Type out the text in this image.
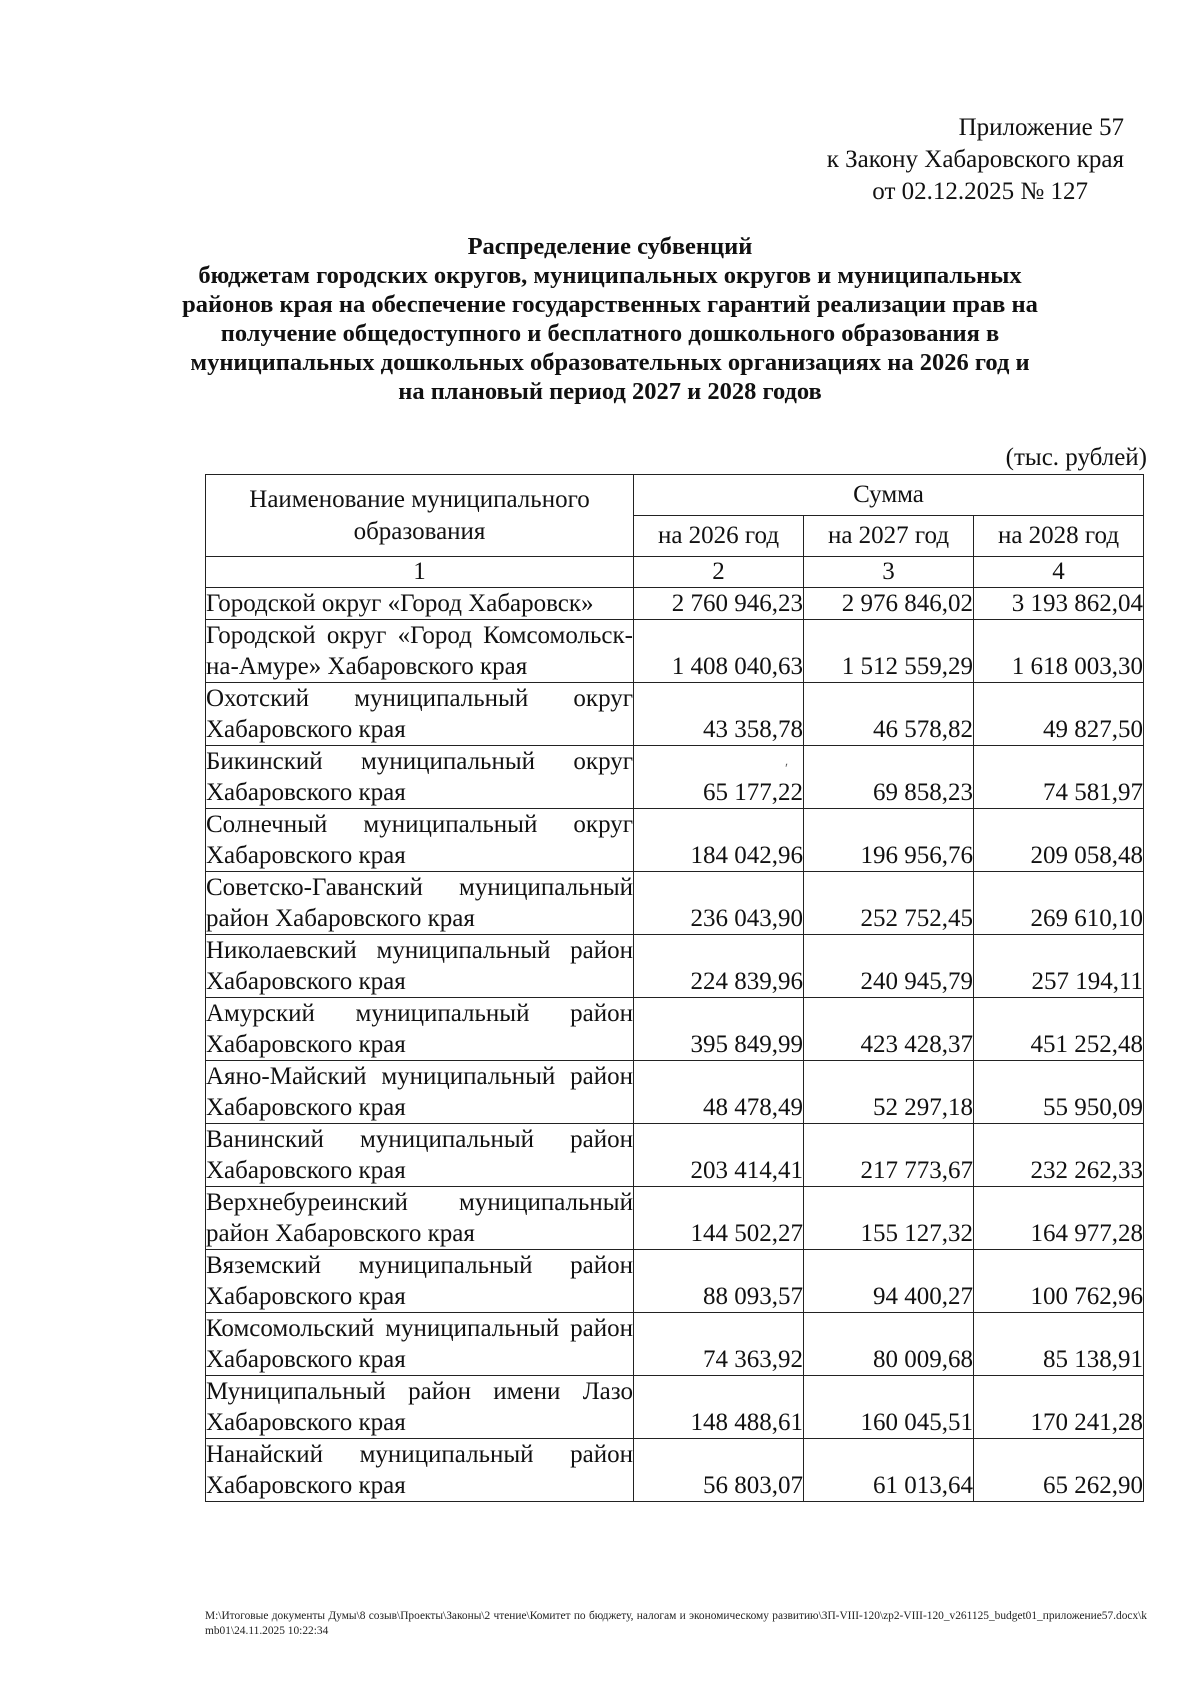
Приложение 57
к Закону Хабаровского края
от 02.12.2025 № 127
Распределение субвенций
бюджетам городских округов, муниципальных округов и муниципальных
районов края на обеспечение государственных гарантий реализации прав на
получение общедоступного и бесплатного дошкольного образования в
муниципальных дошкольных образовательных организациях на 2026 год и
на плановый период 2027 и 2028 годов
(тыс. рублей)
ʹ
Наименование муниципального образования	Сумма		
	на 2026 год	на 2027 год	на 2028 год
1	2	3	4
Городской округ «Город Хабаровск»	2 760 946,23	2 976 846,02	3 193 862,04
Городской округ «Город Комсомольск-на-Амуре» Хабаровского края	1 408 040,63	1 512 559,29	1 618 003,30
Охотский муниципальный округ Хабаровского края	43 358,78	46 578,82	49 827,50
Бикинский муниципальный округ Хабаровского края	65 177,22	69 858,23	74 581,97
Солнечный муниципальный округ Хабаровского края	184 042,96	196 956,76	209 058,48
Советско-Гаванский муниципальный район Хабаровского края	236 043,90	252 752,45	269 610,10
Николаевский муниципальный район Хабаровского края	224 839,96	240 945,79	257 194,11
Амурский муниципальный район Хабаровского края	395 849,99	423 428,37	451 252,48
Аяно-Майский муниципальный район Хабаровского края	48 478,49	52 297,18	55 950,09
Ванинский муниципальный район Хабаровского края	203 414,41	217 773,67	232 262,33
Верхнебуреинский муниципальный район Хабаровского края	144 502,27	155 127,32	164 977,28
Вяземский муниципальный район Хабаровского края	88 093,57	94 400,27	100 762,96
Комсомольский муниципальный район Хабаровского края	74 363,92	80 009,68	85 138,91
Муниципальный район имени Лазо Хабаровского края	148 488,61	160 045,51	170 241,28
Нанайский муниципальный район Хабаровского края	56 803,07	61 013,64	65 262,90
M:\Итоговые документы Думы\8 созыв\Проекты\Законы\2 чтение\Комитет по бюджету, налогам и экономическому развитию\ЗП-VIII-120\zp2-VIII-120_v261125_budget01_приложение57.docx\kmb01\24.11.2025 10:22:34
